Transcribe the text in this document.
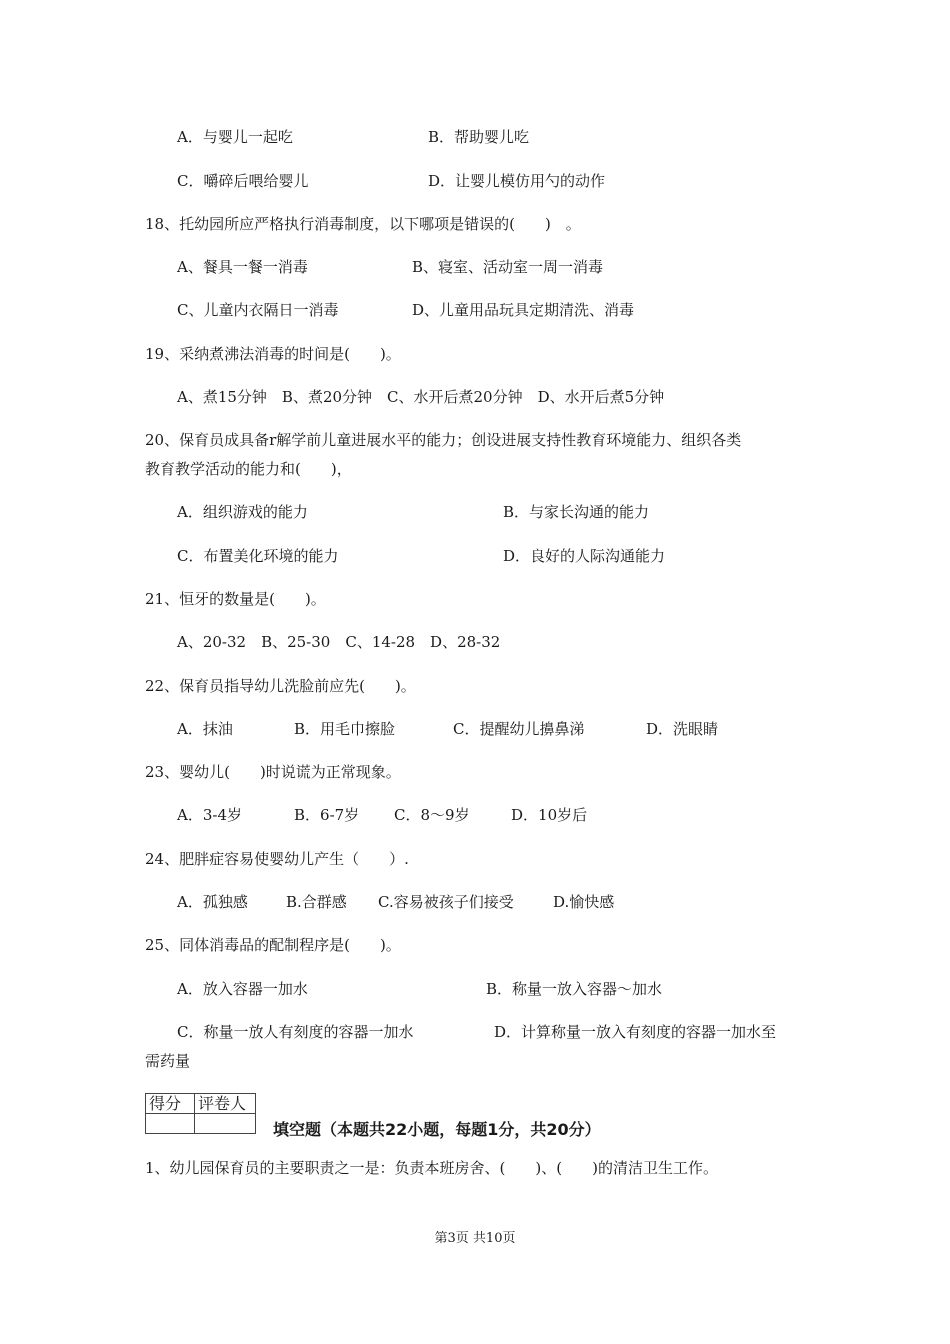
A．与婴儿一起吃	B．帮助婴儿吃
C．嚼碎后喂给婴儿	D．让婴儿模仿用勺的动作
18、托幼园所应严格执行消毒制度，以下哪项是错误的(　　)　。
A、餐具一餐一消毒	B、寝室、活动室一周一消毒
C、儿童内衣隔日一消毒	D、儿童用品玩具定期清洗、消毒
19、采纳煮沸法消毒的时间是(　　)。
A、煮15分钟　B、煮20分钟　C、水开后煮20分钟　D、水开后煮5分钟
20、保育员成具备r解学前儿童进展水平的能力；创设进展支持性教育环境能力、组织各类
教育教学活动的能力和(　　)，
A．组织游戏的能力	B．与家长沟通的能力
C．布置美化环境的能力	D．良好的人际沟通能力
21、恒牙的数量是(　　)。
A、20-32　B、25-30　C、14-28　D、28-32
22、保育员指导幼儿洗脸前应先(　　)。
A．抹油	B．用毛巾擦脸	C．提醒幼儿擤鼻涕	D．洗眼睛
23、婴幼儿(　　)时说谎为正常现象。
A．3-4岁	B．6-7岁 C．8～9岁	D．10岁后
24、肥胖症容易使婴幼儿产生（　　）.
A．孤独感	B.合群感 C.容易被孩子们接受	D.愉快感
25、同体消毒品的配制程序是(　　)。
A．放入容器一加水	B．称量一放入容器～加水
C．称量一放人有刻度的容器一加水	D．计算称量一放入有刻度的容器一加水至
需药量
得分	评卷人

填空题（本题共22小题，每题1分，共20分）
1、幼儿园保育员的主要职责之一是：负责本班房舍、(　　)、(　　)的清洁卫生工作。
第3页 共10页
